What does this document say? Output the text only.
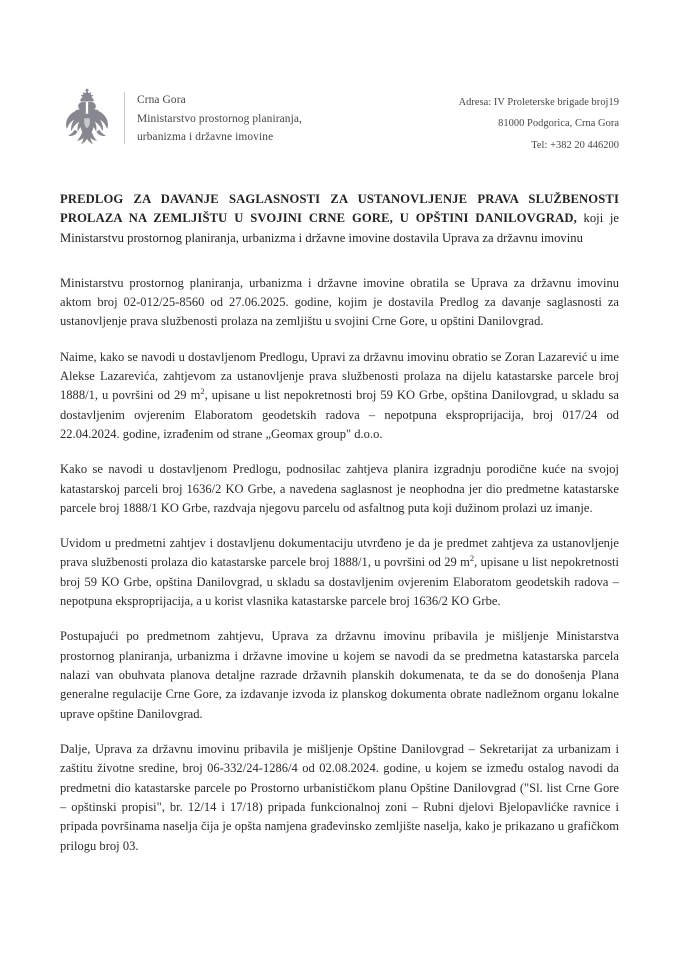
Crna Gora
Ministarstvo prostornog planiranja,
urbanizma i državne imovine
Adresa: IV Proleterske brigade broj19
81000 Podgorica, Crna Gora
Tel: +382 20 446200
PREDLOG ZA DAVANJE SAGLASNOSTI ZA USTANOVLJENJE PRAVA SLUŽBENOSTI PROLAZA NA ZEMLJIŠTU U SVOJINI CRNE GORE, U OPŠTINI DANILOVGRAD, koji je Ministarstvu prostornog planiranja, urbanizma i državne imovine dostavila Uprava za državnu imovinu

Ministarstvu prostornog planiranja, urbanizma i državne imovine obratila se Uprava za državnu imovinu aktom broj 02-012/25-8560 od 27.06.2025. godine, kojim je dostavila Predlog za davanje saglasnosti za ustanovljenje prava službenosti prolaza na zemljištu u svojini Crne Gore, u opštini Danilovgrad.

Naime, kako se navodi u dostavljenom Predlogu, Upravi za državnu imovinu obratio se Zoran Lazarević u ime Alekse Lazarevića, zahtjevom za ustanovljenje prava službenosti prolaza na dijelu katastarske parcele broj 1888/1, u površini od 29 $m^2$, upisane u list nepokretnosti broj 59 KO Grbe, opština Danilovgrad, u skladu sa dostavljenim ovjerenim Elaboratom geodetskih radova – nepotpuna eksproprijacija, broj 017/24 od 22.04.2024. godine, izrađenim od strane „Geomax group" d.o.o.

Kako se navodi u dostavljenom Predlogu, podnosilac zahtjeva planira izgradnju porodične kuće na svojoj katastarskoj parceli broj 1636/2 KO Grbe, a navedena saglasnost je neophodna jer dio predmetne katastarske parcele broj 1888/1 KO Grbe, razdvaja njegovu parcelu od asfaltnog puta koji dužinom prolazi uz imanje.

Uvidom u predmetni zahtjev i dostavljenu dokumentaciju utvrđeno je da je predmet zahtjeva za ustanovljenje prava službenosti prolaza dio katastarske parcele broj 1888/1, u površini od 29 $m^2$, upisane u list nepokretnosti broj 59 KO Grbe, opština Danilovgrad, u skladu sa dostavljenim ovjerenim Elaboratom geodetskih radova – nepotpuna eksproprijacija, a u korist vlasnika katastarske parcele broj 1636/2 KO Grbe.

Postupajući po predmetnom zahtjevu, Uprava za državnu imovinu pribavila je mišljenje Ministarstva prostornog planiranja, urbanizma i državne imovine u kojem se navodi da se predmetna katastarska parcela nalazi van obuhvata planova detaljne razrade državnih planskih dokumenata, te da se do donošenja Plana generalne regulacije Crne Gore, za izdavanje izvoda iz planskog dokumenta obrate nadležnom organu lokalne uprave opštine Danilovgrad.

Dalje, Uprava za državnu imovinu pribavila je mišljenje Opštine Danilovgrad – Sekretarijat za urbanizam i zaštitu životne sredine, broj 06-332/24-1286/4 od 02.08.2024. godine, u kojem se između ostalog navodi da predmetni dio katastarske parcele po Prostorno urbanističkom planu Opštine Danilovgrad ("Sl. list Crne Gore – opštinski propisi", br. 12/14 i 17/18) pripada funkcionalnoj zoni – Rubni djelovi Bjelopavlićke ravnice i pripada površinama naselja čija je opšta namjena građevinsko zemljište naselja, kako je prikazano u grafičkom prilogu broj 03.
